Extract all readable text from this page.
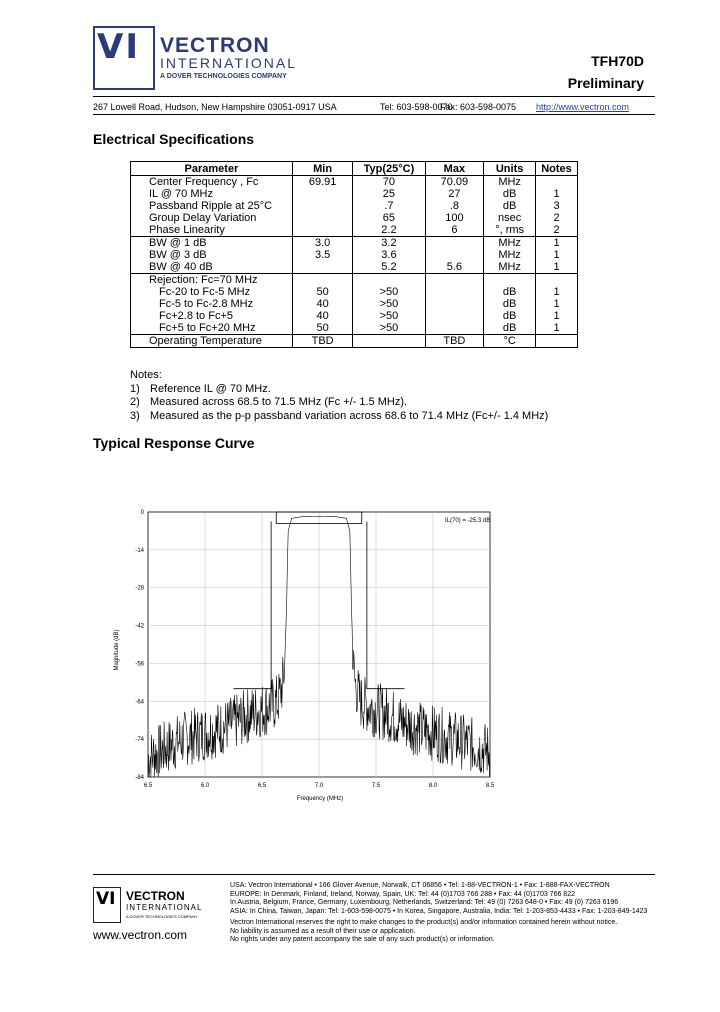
VI VECTRON
INTERNATIONAL
A DOVER TECHNOLOGIES COMPANY
TFH70D
Preliminary
267 Lowell Road, Hudson, New Hampshire 03051-0917 USA	Tel: 603-598-0070
Fax: 603-598-0075 http://www.vectron.com
Electrical Specifications
Parameter	Min	Typ(25°C)	Max	Units	Notes
Center Frequency , Fc	69.91	70	70.09	MHz	
IL @ 70 MHz		25	27	dB	1
Passband Ripple at 25°C		.7	.8	dB	3
Group Delay Variation		65	100	nsec	2
Phase Linearity		2.2	6	°, rms	2
BW @ 1 dB	3.0	3.2		MHz	1
BW @ 3 dB	3.5	3.6		MHz	1
BW @ 40 dB		5.2	5.6	MHz	1
Rejection: Fc=70 MHz					
Fc-20 to Fc-5 MHz	50	>50		dB	1
Fc-5 to Fc-2.8 MHz	40	>50		dB	1
Fc+2.8 to Fc+5	40	>50		dB	1
Fc+5 to Fc+20 MHz	50	>50		dB	1
Operating Temperature	TBD		TBD	°C	
Notes:
1) Reference IL @ 70 MHz.
2) Measured across 68.5 to 71.5 MHz (Fc +/- 1.5 MHz).
3) Measured as the p-p passband variation across 68.6 to 71.4 MHz (Fc+/- 1.4 MHz)
Typical Response Curve
6.5	6.0	6.5	7.0	7.5	8.0	8.5
0
-14
-28
-42
-56
-64
-74
-84
IL(70) = -25.3 dB
Frequency (MHz)
Magnitude (dB)
VI VECTRON
INTERNATIONAL
A DOVER TECHNOLOGIES COMPANY
www.vectron.com
USA: Vectron International • 166 Glover Avenue, Norwalk, CT 06856 • Tel: 1-88-VECTRON-1 • Fax: 1-888-FAX-VECTRON
EUROPE: In Denmark, Finland, Ireland, Norway, Spain, UK: Tel: 44 (0)1703 766 288 • Fax: 44 (0)1703 766 822
In Austria, Belgium, France, Germany, Luxembourg, Netherlands, Switzerland: Tel: 49 (0) 7263 648-0 • Fax: 49 (0) 7263 6196
ASIA: In China, Taiwan, Japan: Tel: 1-603-598-0075 • In Korea, Singapore, Australia, India: Tel: 1-203-853-4433 • Fax: 1-203-849-1423
Vectron International reserves the right to make changes to the product(s) and/or information contained herein without notice.
No liability is assumed as a result of their use or application.
No rights under any patent accompany the sale of any such product(s) or information.
